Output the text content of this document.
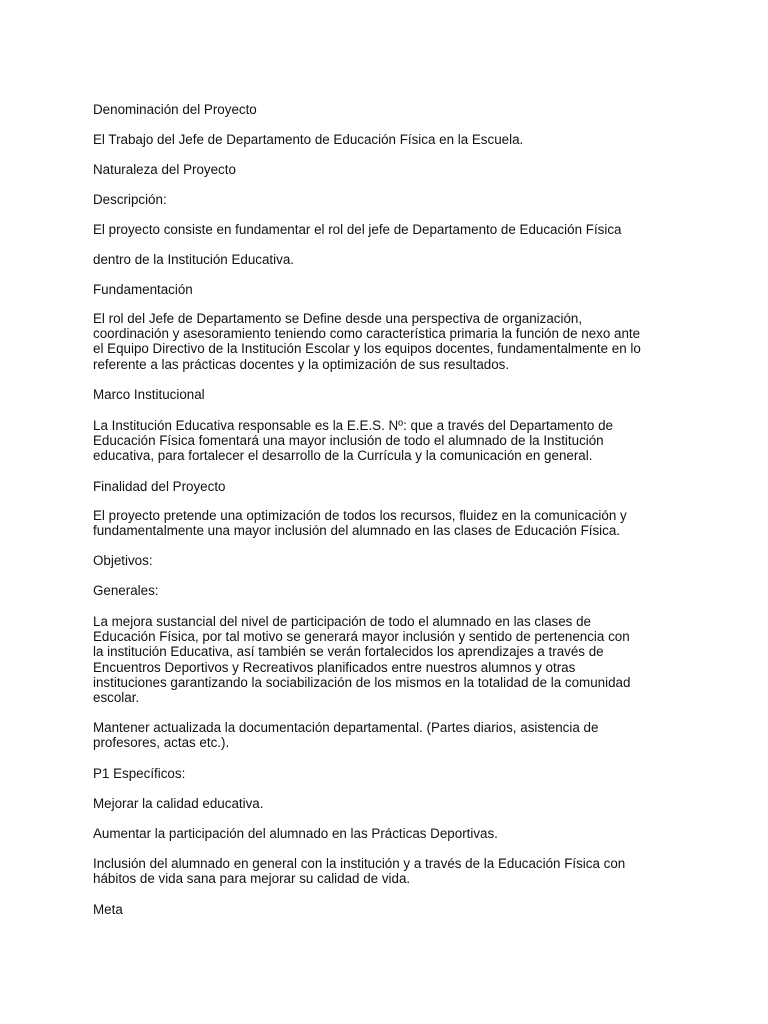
Denominación del Proyecto

El Trabajo del Jefe de Departamento de Educación Física en la Escuela.

Naturaleza del Proyecto

Descripción:

El proyecto consiste en fundamentar el rol del jefe de Departamento de Educación Física

dentro de la Institución Educativa.

Fundamentación

El rol del Jefe de Departamento se Define desde una perspectiva de organización,
coordinación y asesoramiento teniendo como característica primaria la función de nexo ante
el Equipo Directivo de la Institución Escolar y los equipos docentes, fundamentalmente en lo
referente a las prácticas docentes y la optimización de sus resultados.

Marco Institucional

La Institución Educativa responsable es la E.E.S. Nº: que a través del Departamento de
Educación Física fomentará una mayor inclusión de todo el alumnado de la Institución
educativa, para fortalecer el desarrollo de la Currícula y la comunicación en general.

Finalidad del Proyecto

El proyecto pretende una optimización de todos los recursos, fluidez en la comunicación y
fundamentalmente una mayor inclusión del alumnado en las clases de Educación Física.

Objetivos:

Generales:

La mejora sustancial del nivel de participación de todo el alumnado en las clases de
Educación Física, por tal motivo se generará mayor inclusión y sentido de pertenencia con
la institución Educativa, así también se verán fortalecidos los aprendizajes a través de
Encuentros Deportivos y Recreativos planificados entre nuestros alumnos y otras
instituciones garantizando la sociabilización de los mismos en la totalidad de la comunidad
escolar.

Mantener actualizada la documentación departamental. (Partes diarios, asistencia de
profesores, actas etc.).

P1 Específicos:

Mejorar la calidad educativa.

Aumentar la participación del alumnado en las Prácticas Deportivas.

Inclusión del alumnado en general con la institución y a través de la Educación Física con
hábitos de vida sana para mejorar su calidad de vida.

Meta
